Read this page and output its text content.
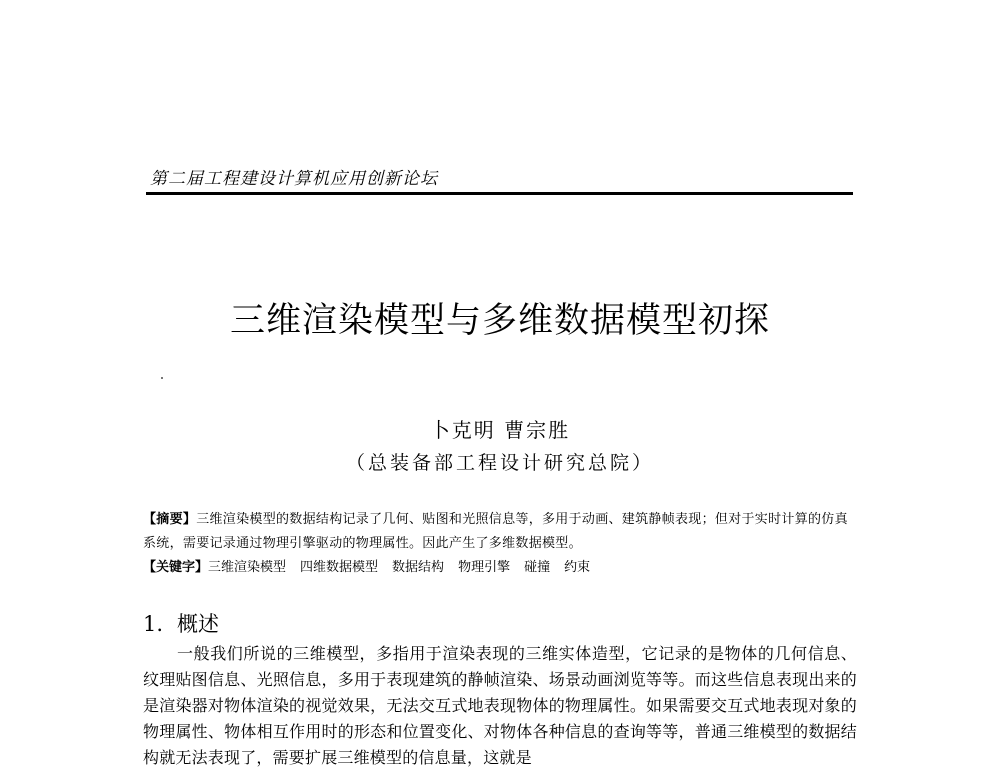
第二届工程建设计算机应用创新论坛
三维渲染模型与多维数据模型初探
卜克明 曹宗胜
（总装备部工程设计研究总院）
【摘要】三维渲染模型的数据结构记录了几何、贴图和光照信息等，多用于动画、建筑静帧表现；但对于实时计算的仿真系统，需要记录通过物理引擎驱动的物理属性。因此产生了多维数据模型。
【关键字】三维渲染模型 四维数据模型 数据结构 物理引擎 碰撞 约束
1. 概述
一般我们所说的三维模型，多指用于渲染表现的三维实体造型，它记录的是物体的几何信息、纹理贴图信息、光照信息，多用于表现建筑的静帧渲染、场景动画浏览等等。而这些信息表现出来的是渲染器对物体渲染的视觉效果，无法交互式地表现物体的物理属性。如果需要交互式地表现对象的物理属性、物体相互作用时的形态和位置变化、对物体各种信息的查询等等，普通三维模型的数据结构就无法表现了，需要扩展三维模型的信息量，这就是
